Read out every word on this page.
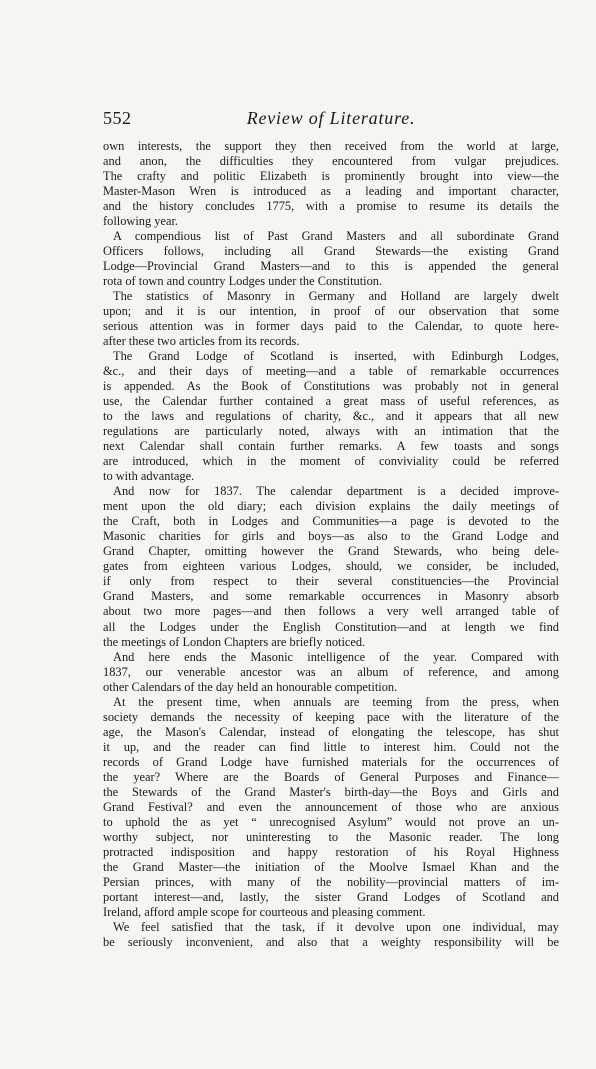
552	Review of Literature.
own interests, the support they then received from the world at large,
and anon, the difficulties they encountered from vulgar prejudices.
The crafty and politic Elizabeth is prominently brought into view—the
Master-Mason Wren is introduced as a leading and important character,
and the history concludes 1775, with a promise to resume its details the
following year.
A compendious list of Past Grand Masters and all subordinate Grand
Officers follows, including all Grand Stewards—the existing Grand
Lodge—Provincial Grand Masters—and to this is appended the general
rota of town and country Lodges under the Constitution.
The statistics of Masonry in Germany and Holland are largely dwelt
upon; and it is our intention, in proof of our observation that some
serious attention was in former days paid to the Calendar, to quote here-
after these two articles from its records.
The Grand Lodge of Scotland is inserted, with Edinburgh Lodges,
&c., and their days of meeting—and a table of remarkable occurrences
is appended. As the Book of Constitutions was probably not in general
use, the Calendar further contained a great mass of useful references, as
to the laws and regulations of charity, &c., and it appears that all new
regulations are particularly noted, always with an intimation that the
next Calendar shall contain further remarks. A few toasts and songs
are introduced, which in the moment of conviviality could be referred
to with advantage.
And now for 1837. The calendar department is a decided improve-
ment upon the old diary; each division explains the daily meetings of
the Craft, both in Lodges and Communities—a page is devoted to the
Masonic charities for girls and boys—as also to the Grand Lodge and
Grand Chapter, omitting however the Grand Stewards, who being dele-
gates from eighteen various Lodges, should, we consider, be included,
if only from respect to their several constituencies—the Provincial
Grand Masters, and some remarkable occurrences in Masonry absorb
about two more pages—and then follows a very well arranged table of
all the Lodges under the English Constitution—and at length we find
the meetings of London Chapters are briefly noticed.
And here ends the Masonic intelligence of the year. Compared with
1837, our venerable ancestor was an album of reference, and among
other Calendars of the day held an honourable competition.
At the present time, when annuals are teeming from the press, when
society demands the necessity of keeping pace with the literature of the
age, the Mason's Calendar, instead of elongating the telescope, has shut
it up, and the reader can find little to interest him. Could not the
records of Grand Lodge have furnished materials for the occurrences of
the year? Where are the Boards of General Purposes and Finance—
the Stewards of the Grand Master's birth-day—the Boys and Girls and
Grand Festival? and even the announcement of those who are anxious
to uphold the as yet “ unrecognised Asylum” would not prove an un-
worthy subject, nor uninteresting to the Masonic reader. The long
protracted indisposition and happy restoration of his Royal Highness
the Grand Master—the initiation of the Moolve Ismael Khan and the
Persian princes, with many of the nobility—provincial matters of im-
portant interest—and, lastly, the sister Grand Lodges of Scotland and
Ireland, afford ample scope for courteous and pleasing comment.
We feel satisfied that the task, if it devolve upon one individual, may
be seriously inconvenient, and also that a weighty responsibility will be
